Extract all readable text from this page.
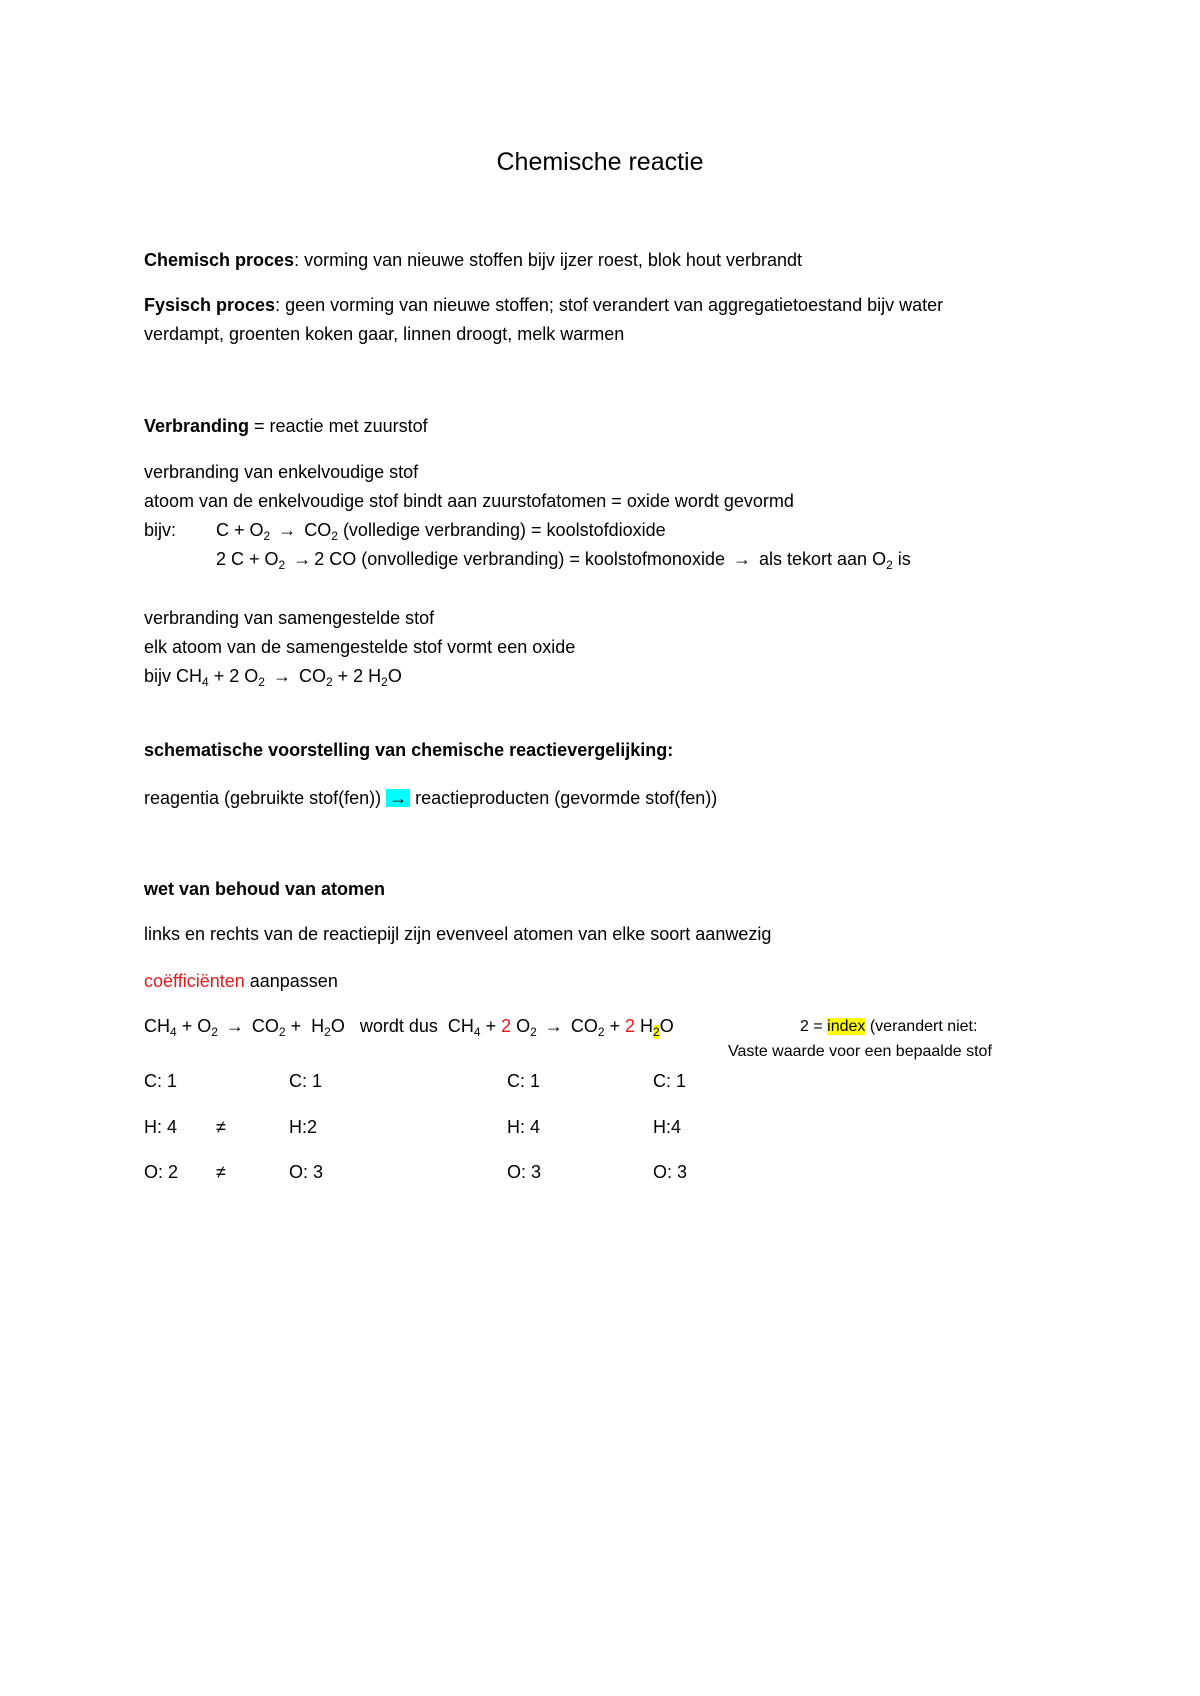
Chemische reactie
Chemisch proces: vorming van nieuwe stoffen bijv ijzer roest, blok hout verbrandt
Fysisch proces: geen vorming van nieuwe stoffen; stof verandert van aggregatietoestand bijv water
verdampt, groenten koken gaar, linnen droogt, melk warmen
Verbranding = reactie met zuurstof
verbranding van enkelvoudige stof
atoom van de enkelvoudige stof bindt aan zuurstofatomen = oxide wordt gevormd
bijv: $C + O_2 \to CO_2$ (volledige verbranding) = koolstofdioxide
2 $C + O_2 \to 2$ CO (onvolledige verbranding) = koolstofmonoxide → als tekort aan $O_2$ is
verbranding van samengestelde stof
elk atoom van de samengestelde stof vormt een oxide
bijv $CH_4 + 2$ $O_2 \to CO_2 + 2$ $H_2O$
schematische voorstelling van chemische reactievergelijking:
reagentia (gebruikte stof(fen)) → reactieproducten (gevormde stof(fen))
wet van behoud van atomen
links en rechts van de reactiepijl zijn evenveel atomen van elke soort aanwezig
coëfficiënten aanpassen
$CH_4 + O_2 \to CO_2 + H_2O$   wordt dus  $CH_4 + 2$ $O_2 \to CO_2 + 2$ $H_2O$	2 = index (verandert niet:
Vaste waarde voor een bepaalde stof
C: 1	C: 1	C: 1	C: 1
H: 4 ≠	H:2	H: 4	H:4
O: 2 ≠	O: 3	O: 3	O: 3
